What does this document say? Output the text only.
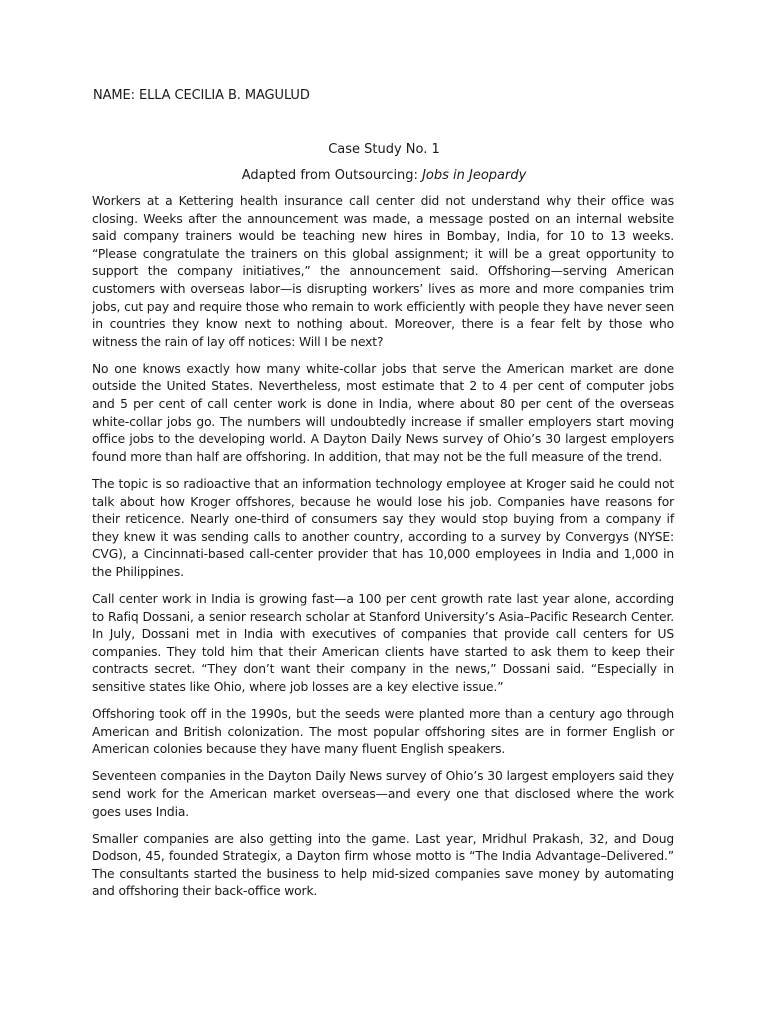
NAME: ELLA CECILIA B. MAGULUD
Case Study No. 1
Adapted from Outsourcing: Jobs in Jeopardy

Workers at a Kettering health insurance call center did not understand why their office was closing. Weeks after the announcement was made, a message posted on an internal website said company trainers would be teaching new hires in Bombay, India, for 10 to 13 weeks. “Please congratulate the trainers on this global assignment; it will be a great opportunity to support the company initiatives,” the announcement said. Offshoring—serving American customers with overseas labor—is disrupting workers’ lives as more and more companies trim jobs, cut pay and require those who remain to work efficiently with people they have never seen in countries they know next to nothing about. Moreover, there is a fear felt by those who witness the rain of lay off notices: Will I be next?

No one knows exactly how many white-collar jobs that serve the American market are done outside the United States. Nevertheless, most estimate that 2 to 4 per cent of computer jobs and 5 per cent of call center work is done in India, where about 80 per cent of the overseas white-collar jobs go. The numbers will undoubtedly increase if smaller employers start moving office jobs to the developing world. A Dayton Daily News survey of Ohio’s 30 largest employers found more than half are offshoring. In addition, that may not be the full measure of the trend.

The topic is so radioactive that an information technology employee at Kroger said he could not talk about how Kroger offshores, because he would lose his job. Companies have reasons for their reticence. Nearly one-third of consumers say they would stop buying from a company if they knew it was sending calls to another country, according to a survey by Convergys (NYSE: CVG), a Cincinnati-based call-center provider that has 10,000 employees in India and 1,000 in the Philippines.

Call center work in India is growing fast—a 100 per cent growth rate last year alone, according to Rafiq Dossani, a senior research scholar at Stanford University’s Asia–Pacific Research Center. In July, Dossani met in India with executives of companies that provide call centers for US companies. They told him that their American clients have started to ask them to keep their contracts secret. “They don’t want their company in the news,” Dossani said. “Especially in sensitive states like Ohio, where job losses are a key elective issue.”

Offshoring took off in the 1990s, but the seeds were planted more than a century ago through American and British colonization. The most popular offshoring sites are in former English or American colonies because they have many fluent English speakers.

Seventeen companies in the Dayton Daily News survey of Ohio’s 30 largest employers said they send work for the American market overseas—and every one that disclosed where the work goes uses India.

Smaller companies are also getting into the game. Last year, Mridhul Prakash, 32, and Doug Dodson, 45, founded Strategix, a Dayton firm whose motto is “The India Advantage–Delivered.” The consultants started the business to help mid-sized companies save money by automating and offshoring their back-office work.
